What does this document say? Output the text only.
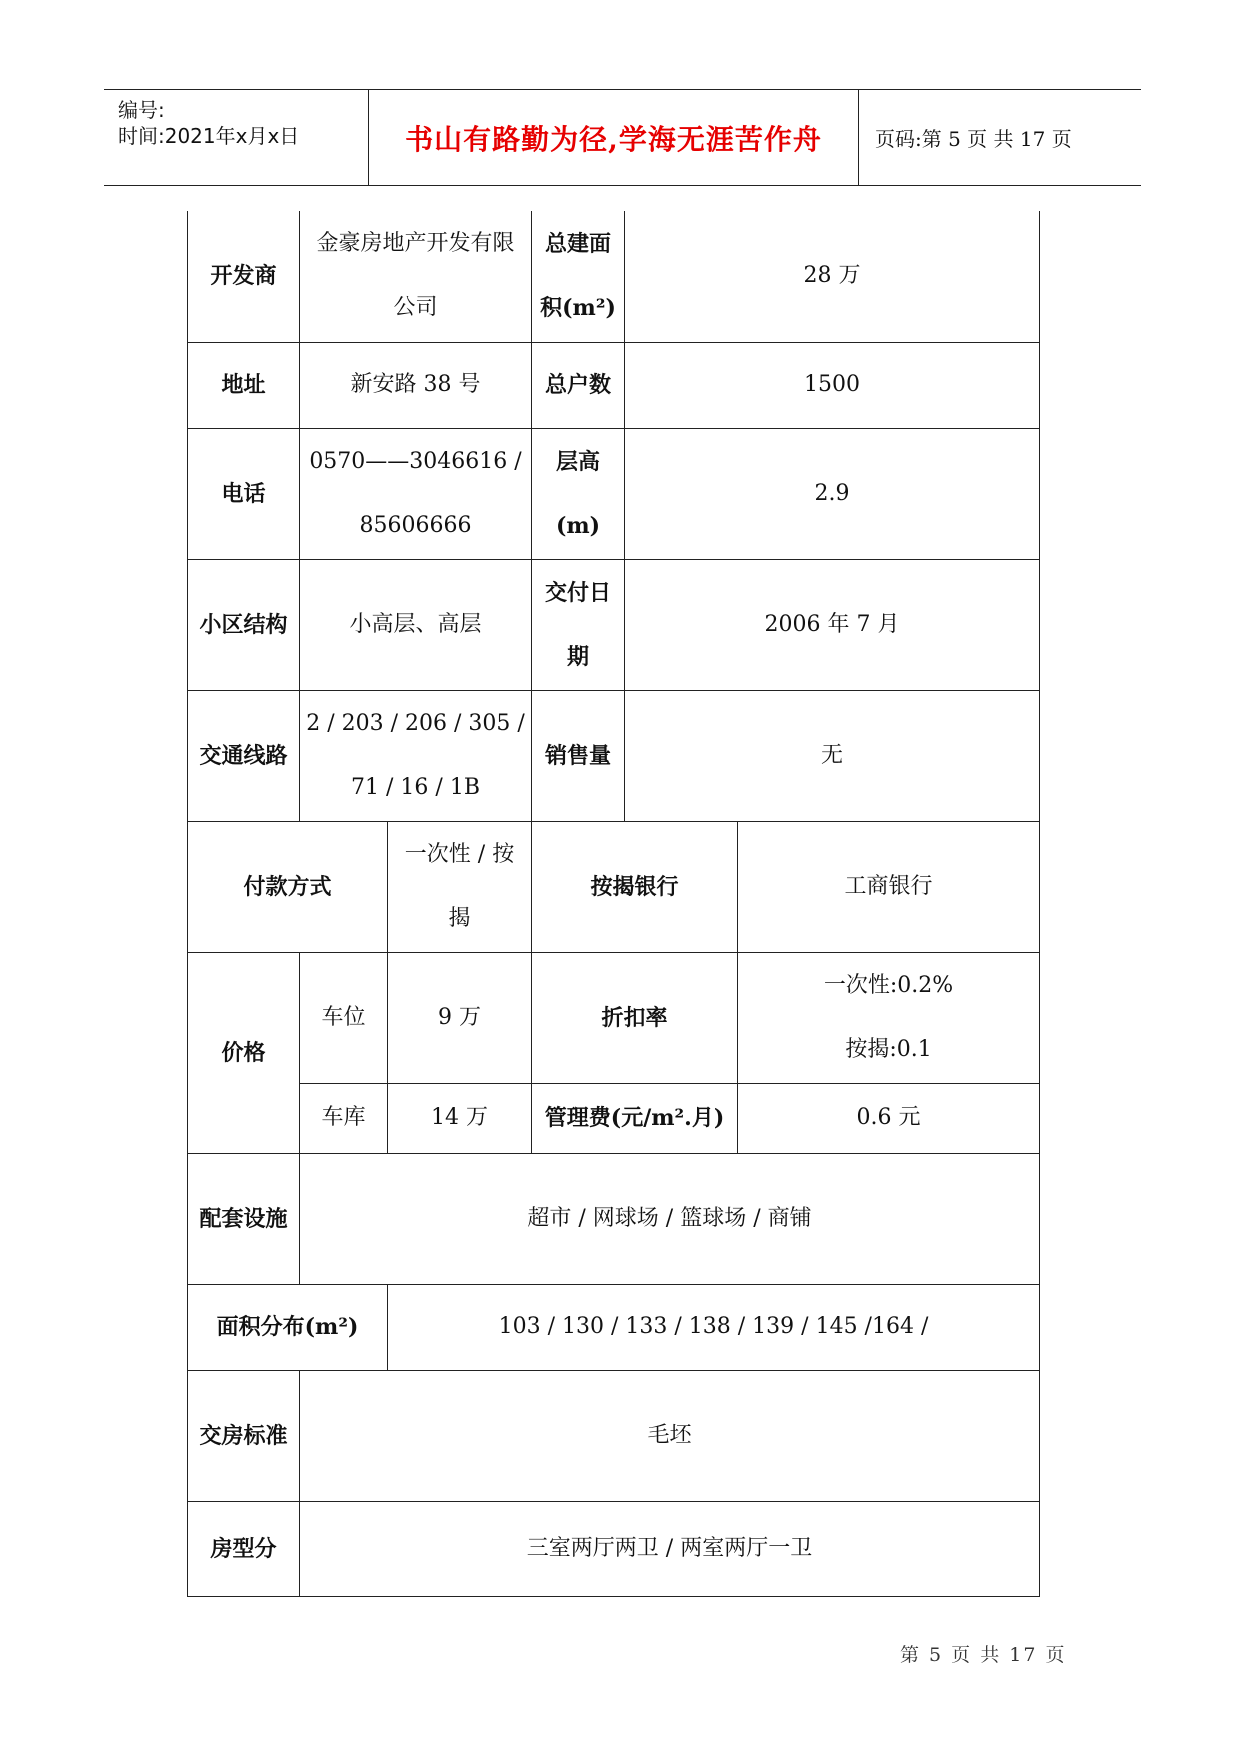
编号:
时间:2021年x月x日	书山有路勤为径,学海无涯苦作舟	页码:第 5 页 共 17 页
开发商	金豪房地产开发有限公司		总建面积(m²)	28 万	
地址	新安路 38 号		总户数	1500	
电话	0570——3046616 / 85606666		层高(m)	2.9	
小区结构	小高层、高层		交付日期	2006 年 7 月	
交通线路	2 / 203 / 206 / 305 / 71 / 16 / 1B		销售量	无	
付款方式		一次性 / 按揭	按揭银行		工商银行
价格	车位	9 万	折扣率		一次性:0.2%
按揭:0.1

	车库	14 万	管理费(元/m².月)		0.6 元
配套设施	超市 / 网球场 / 篮球场 / 商铺				
面积分布(m²)		103 / 130 / 133 / 138 / 139 / 145 /164 /			
交房标准	毛坯				
房型分	三室两厅两卫 / 两室两厅一卫				
第 5 页 共 17 页
